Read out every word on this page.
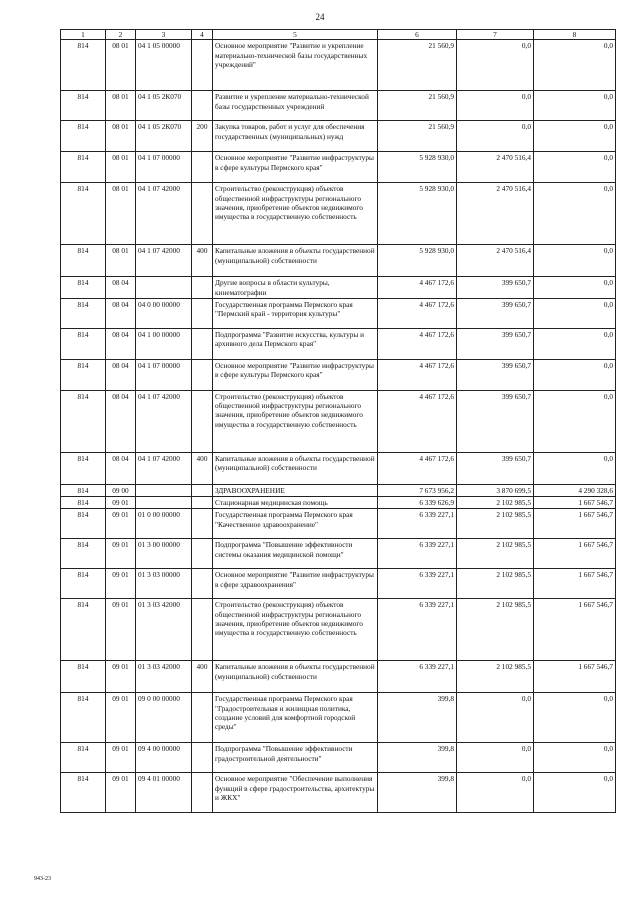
24
1	2	3	4	5	6	7	8
814	08 01	04 1 05 00000		Основное мероприятие "Развитие и укрепление материально-технической базы государственных учреждений"	21 560,9	0,0	0,0
814	08 01	04 1 05 2К070		Развитие и укрепление материально-технической базы государственных учреждений	21 560,9	0,0	0,0
814	08 01	04 1 05 2К070	200	Закупка товаров, работ и услуг для обеспечения государственных (муниципальных) нужд	21 560,9	0,0	0,0
814	08 01	04 1 07 00000		Основное мероприятие "Развитие инфраструктуры в сфере культуры Пермского края"	5 928 930,0	2 470 516,4	0,0
814	08 01	04 1 07 42000		Строительство (реконструкция) объектов общественной инфраструктуры регионального значения, приобретение объектов недвижимого имущества в государственную собственность	5 928 930,0	2 470 516,4	0,0
814	08 01	04 1 07 42000	400	Капитальные вложения в объекты государственной (муниципальной) собственности	5 928 930,0	2 470 516,4	0,0
814	08 04			Другие вопросы в области культуры, кинематографии	4 467 172,6	399 650,7	0,0
814	08 04	04 0 00 00000		Государственная программа Пермского края "Пермский край - территория культуры"	4 467 172,6	399 650,7	0,0
814	08 04	04 1 00 00000		Подпрограмма "Развитие искусства, культуры и архивного дела Пермского края"	4 467 172,6	399 650,7	0,0
814	08 04	04 1 07 00000		Основное мероприятие "Развитие инфраструктуры в сфере культуры Пермского края"	4 467 172,6	399 650,7	0,0
814	08 04	04 1 07 42000		Строительство (реконструкция) объектов общественной инфраструктуры регионального значения, приобретение объектов недвижимого имущества в государственную собственность	4 467 172,6	399 650,7	0,0
814	08 04	04 1 07 42000	400	Капитальные вложения в объекты государственной (муниципальной) собственности	4 467 172,6	399 650,7	0,0
814	09 00			ЗДРАВООХРАНЕНИЕ	7 673 956,2	3 870 699,5	4 290 328,6
814	09 01			Стационарная медицинская помощь	6 339 626,9	2 102 985,5	1 667 546,7
814	09 01	01 0 00 00000		Государственная программа Пермского края "Качественное здравоохранение"	6 339 227,1	2 102 985,5	1 667 546,7
814	09 01	01 3 00 00000		Подпрограмма "Повышение эффективности системы оказания медицинской помощи"	6 339 227,1	2 102 985,5	1 667 546,7
814	09 01	01 3 03 00000		Основное мероприятие "Развитие инфраструктуры в сфере здравоохранения"	6 339 227,1	2 102 985,5	1 667 546,7
814	09 01	01 3 03 42000		Строительство (реконструкция) объектов общественной инфраструктуры регионального значения, приобретение объектов недвижимого имущества в государственную собственность	6 339 227,1	2 102 985,5	1 667 546,7
814	09 01	01 3 03 42000	400	Капитальные вложения в объекты государственной (муниципальной) собственности	6 339 227,1	2 102 985,5	1 667 546,7
814	09 01	09 0 00 00000		Государственная программа Пермского края "Градостроительная и жилищная политика, создание условий для комфортной городской среды"	399,8	0,0	0,0
814	09 01	09 4 00 00000		Подпрограмма "Повышение эффективности градостроительной деятельности"	399,8	0,0	0,0
814	09 01	09 4 01 00000		Основное мероприятие "Обеспечение выполнения функций в сфере градостроительства, архитектуры и ЖКХ"	399,8	0,0	0,0
943-23
